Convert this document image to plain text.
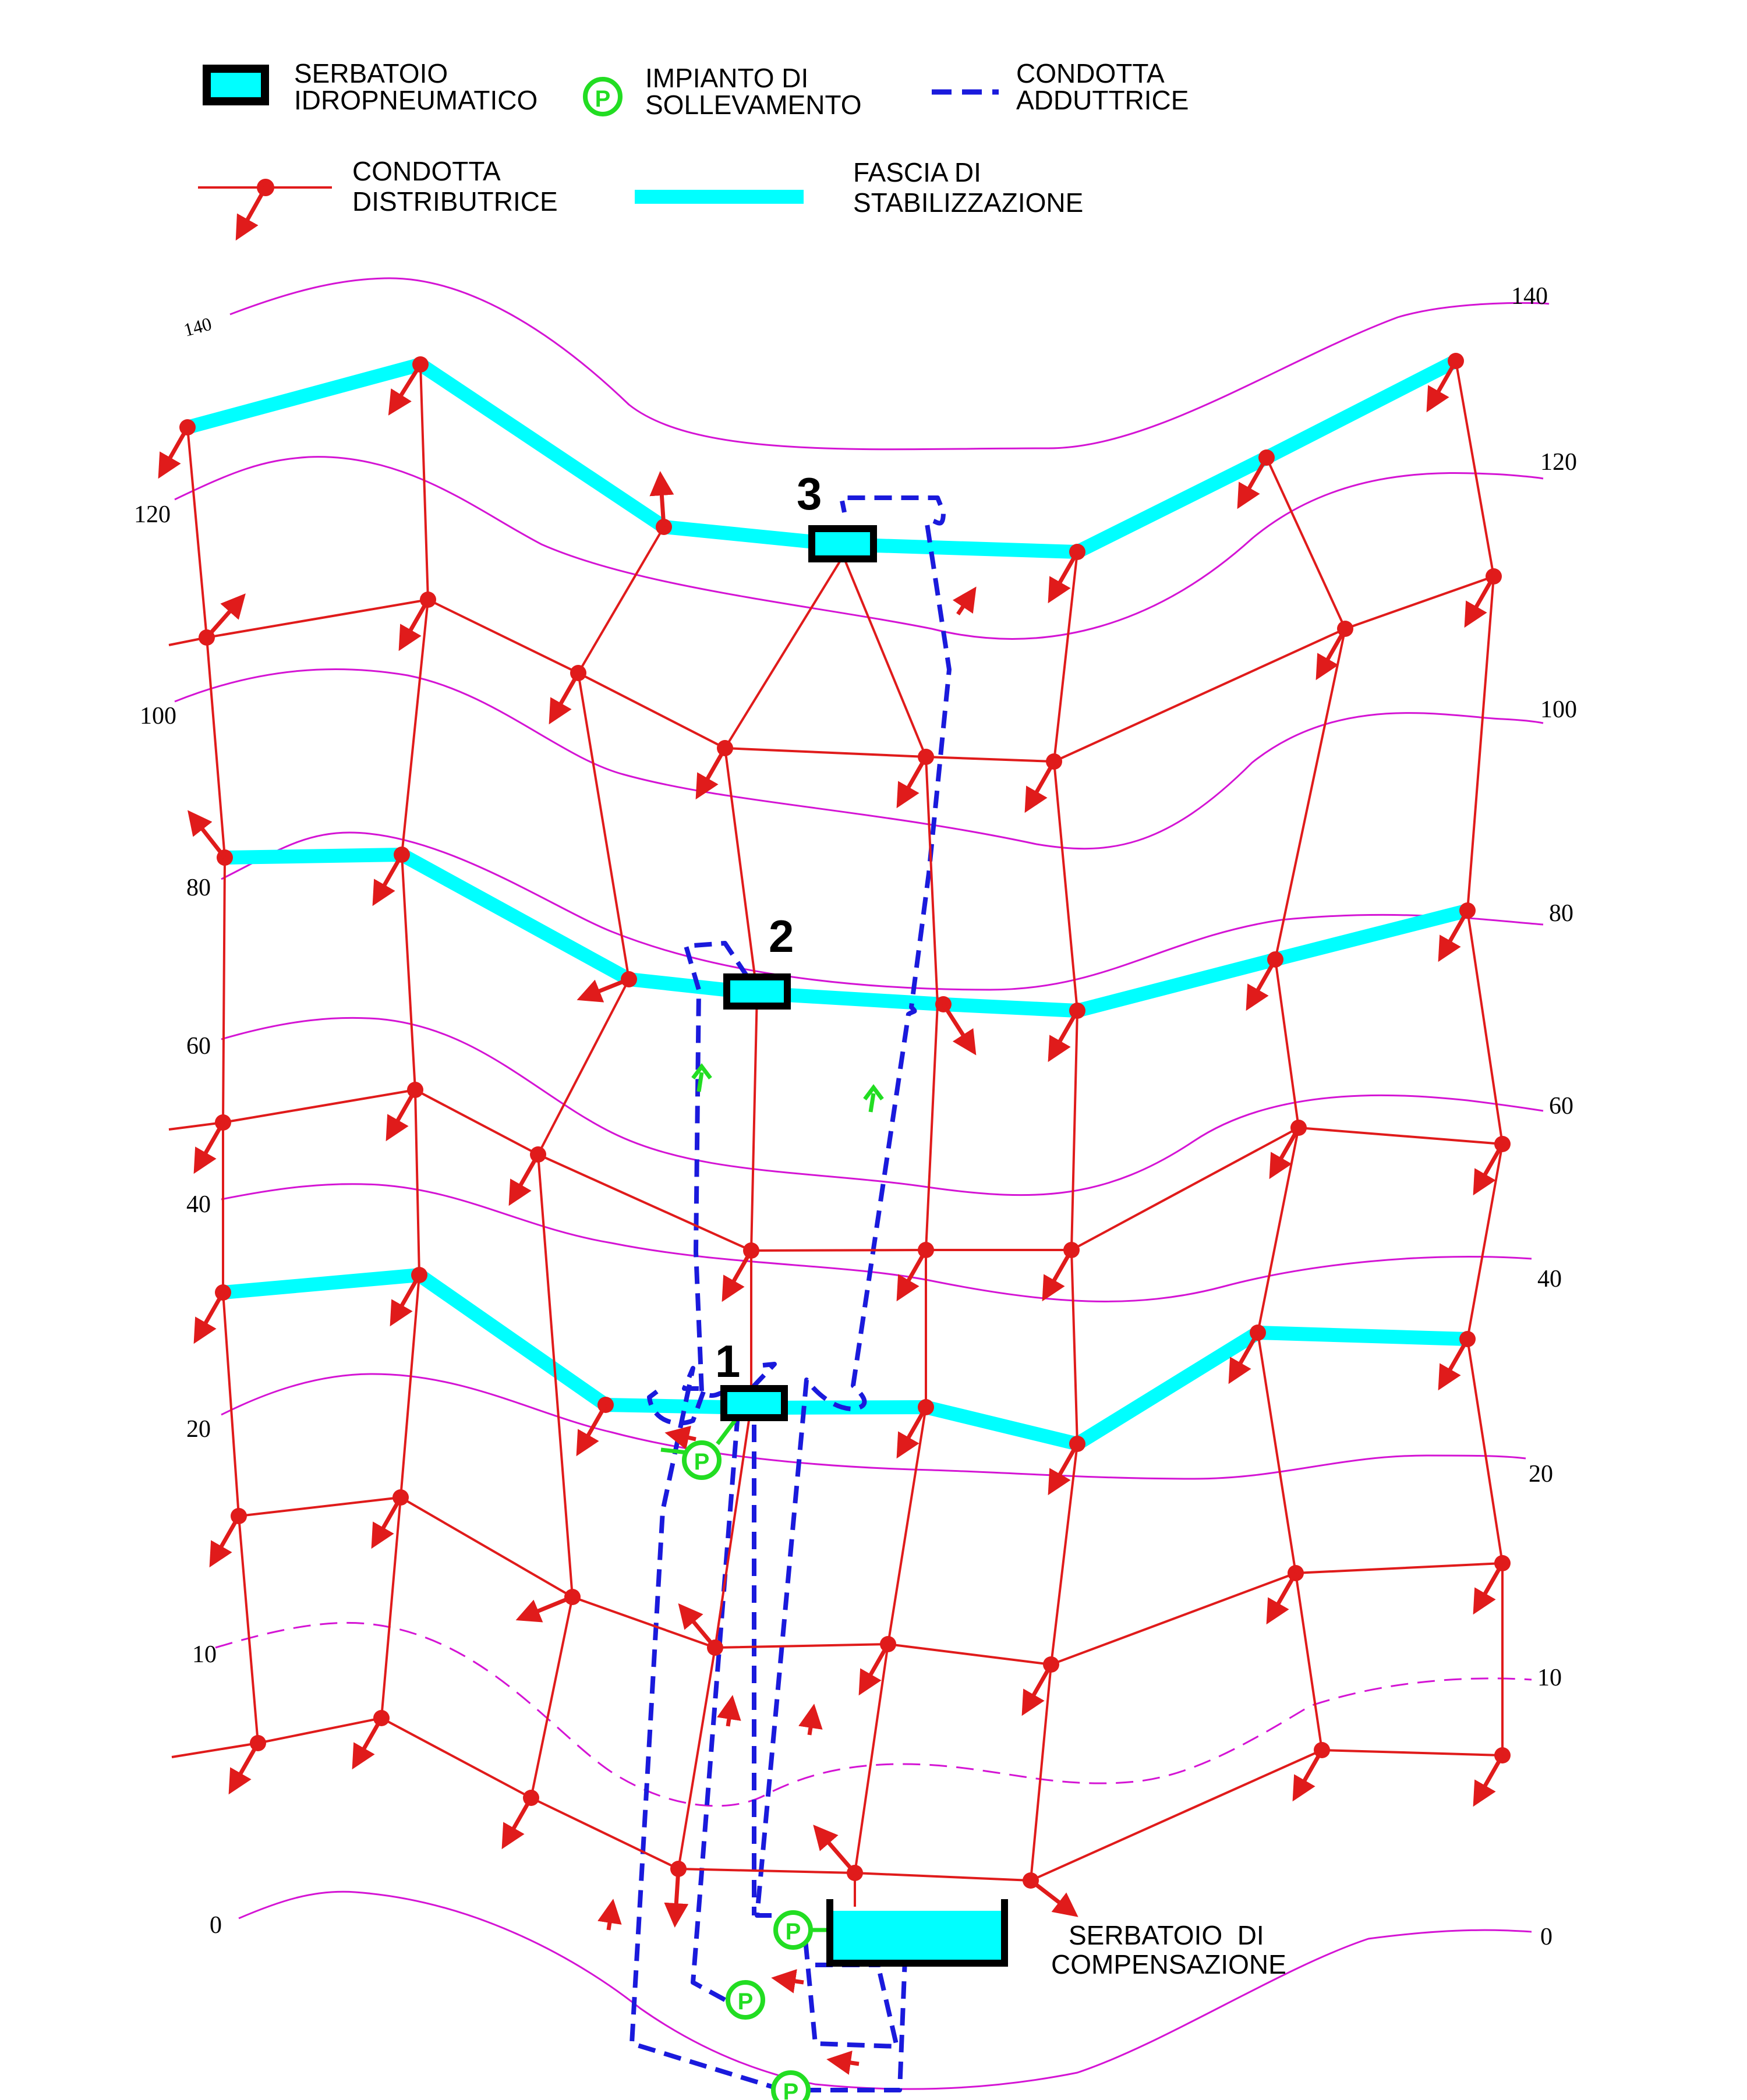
SERBATOIO
IDROPNEUMATICO P
IMPIANTO DI
SOLLEVAMENTO
CONDOTTA
ADDUTTRICE
CONDOTTA
DISTRIBUTRICE
FASCIA DI
STABILIZZAZIONE
140
120
100
80
60
40
20
10
0
140
120
100
80
60
40
20
10
0
P
P
P
P
3
2
1
SERBATOIO  DI
COMPENSAZIONE
